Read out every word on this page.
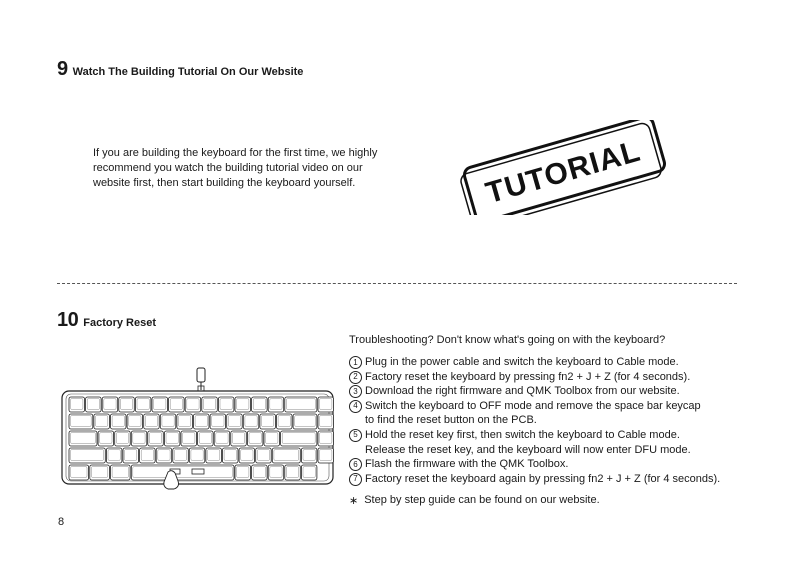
9 Watch The Building Tutorial On Our Website
If you are building the keyboard for the first time, we highly
recommend you watch the building tutorial video on our
website first, then start building the keyboard yourself.	TUTORIAL
10 Factory Reset
Troubleshooting? Don't know what's going on with the keyboard?
1 Plug in the power cable and switch the keyboard to Cable mode.
2 Factory reset the keyboard by pressing fn2 + J + Z (for 4 seconds).
3 Download the right firmware and QMK Toolbox from our website.
4 Switch the keyboard to OFF mode and remove the space bar keycap
to find the reset button on the PCB.
5 Hold the reset key first, then switch the keyboard to Cable mode.
Release the reset key, and the keyboard will now enter DFU mode.
6 Flash the firmware with the QMK Toolbox.
7 Factory reset the keyboard again by pressing fn2 + J + Z (for 4 seconds).
∗ Step by step guide can be found on our website.
8
